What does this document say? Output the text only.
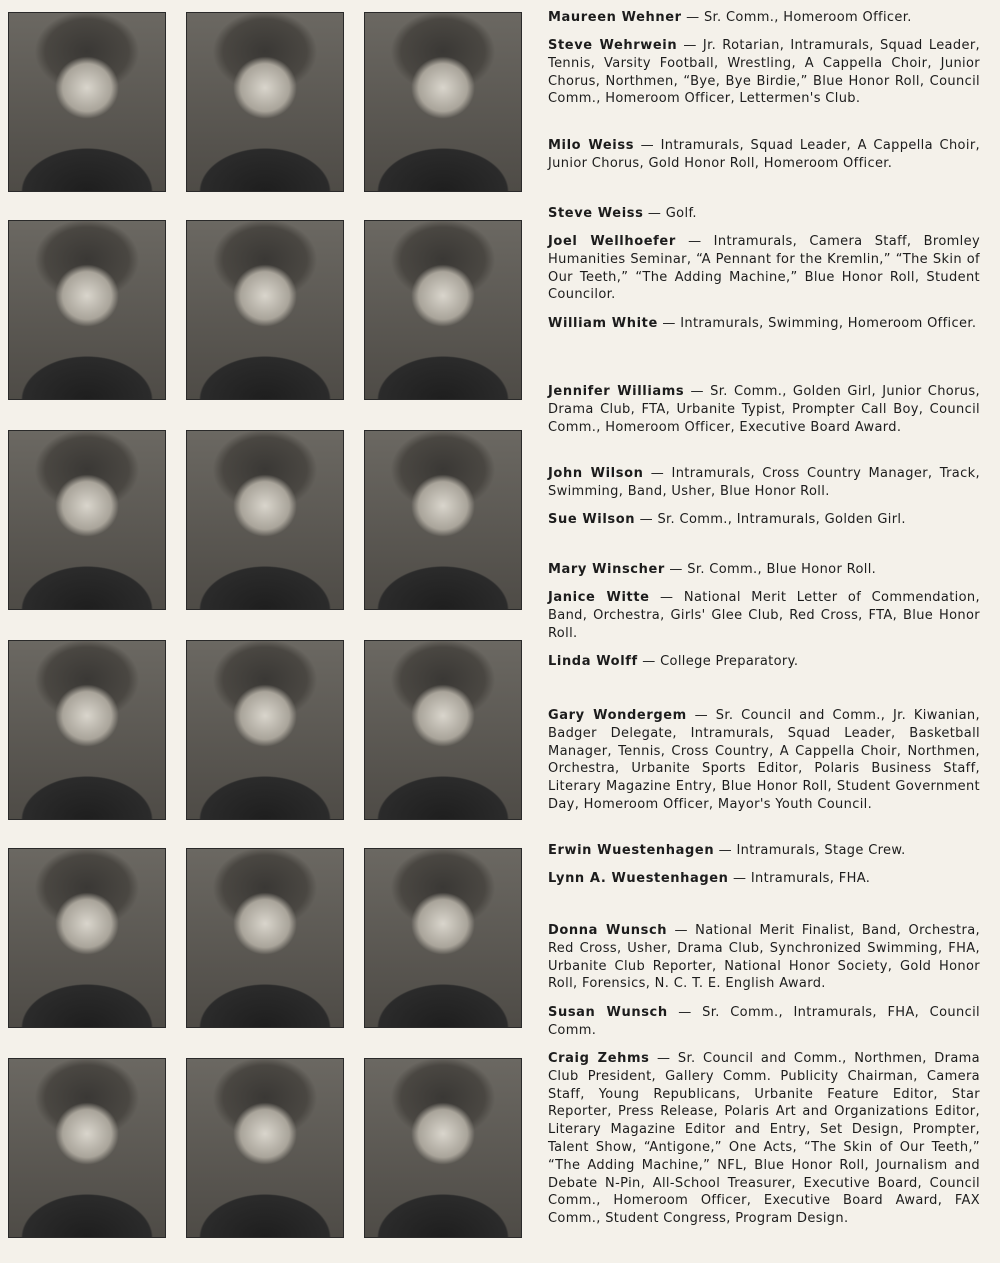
Maureen Wehner — Sr. Comm., Homeroom Officer.
Steve Wehrwein — Jr. Rotarian, Intramurals, Squad Leader, Tennis, Varsity Football, Wrestling, A Cappella Choir, Junior Chorus, Northmen, “Bye, Bye Birdie,” Blue Honor Roll, Council Comm., Homeroom Officer, Lettermen's Club.
Milo Weiss — Intramurals, Squad Leader, A Cappella Choir, Junior Chorus, Gold Honor Roll, Homeroom Officer.
Steve Weiss — Golf.
Joel Wellhoefer — Intramurals, Camera Staff, Bromley Humanities Seminar, “A Pennant for the Kremlin,” “The Skin of Our Teeth,” “The Adding Machine,” Blue Honor Roll, Student Councilor.
William White — Intramurals, Swimming, Homeroom Officer.
Jennifer Williams — Sr. Comm., Golden Girl, Junior Chorus, Drama Club, FTA, Urbanite Typist, Prompter Call Boy, Council Comm., Homeroom Officer, Executive Board Award.
John Wilson — Intramurals, Cross Country Manager, Track, Swimming, Band, Usher, Blue Honor Roll.
Sue Wilson — Sr. Comm., Intramurals, Golden Girl.
Mary Winscher — Sr. Comm., Blue Honor Roll.
Janice Witte — National Merit Letter of Commendation, Band, Orchestra, Girls' Glee Club, Red Cross, FTA, Blue Honor Roll.
Linda Wolff — College Preparatory.
Gary Wondergem — Sr. Council and Comm., Jr. Kiwanian, Badger Delegate, Intramurals, Squad Leader, Basketball Manager, Tennis, Cross Country, A Cappella Choir, Northmen, Orchestra, Urbanite Sports Editor, Polaris Business Staff, Literary Magazine Entry, Blue Honor Roll, Student Government Day, Homeroom Officer, Mayor's Youth Council.
Erwin Wuestenhagen — Intramurals, Stage Crew.
Lynn A. Wuestenhagen — Intramurals, FHA.
Donna Wunsch — National Merit Finalist, Band, Orchestra, Red Cross, Usher, Drama Club, Synchronized Swimming, FHA, Urbanite Club Reporter, National Honor Society, Gold Honor Roll, Forensics, N. C. T. E. English Award.
Susan Wunsch — Sr. Comm., Intramurals, FHA, Council Comm.
Craig Zehms — Sr. Council and Comm., Northmen, Drama Club President, Gallery Comm. Publicity Chairman, Camera Staff, Young Republicans, Urbanite Feature Editor, Star Reporter, Press Release, Polaris Art and Organizations Editor, Literary Magazine Editor and Entry, Set Design, Prompter, Talent Show, “Antigone,” One Acts, “The Skin of Our Teeth,” “The Adding Machine,” NFL, Blue Honor Roll, Journalism and Debate N-Pin, All-School Treasurer, Executive Board, Council Comm., Homeroom Officer, Executive Board Award, FAX Comm., Student Congress, Program Design.
